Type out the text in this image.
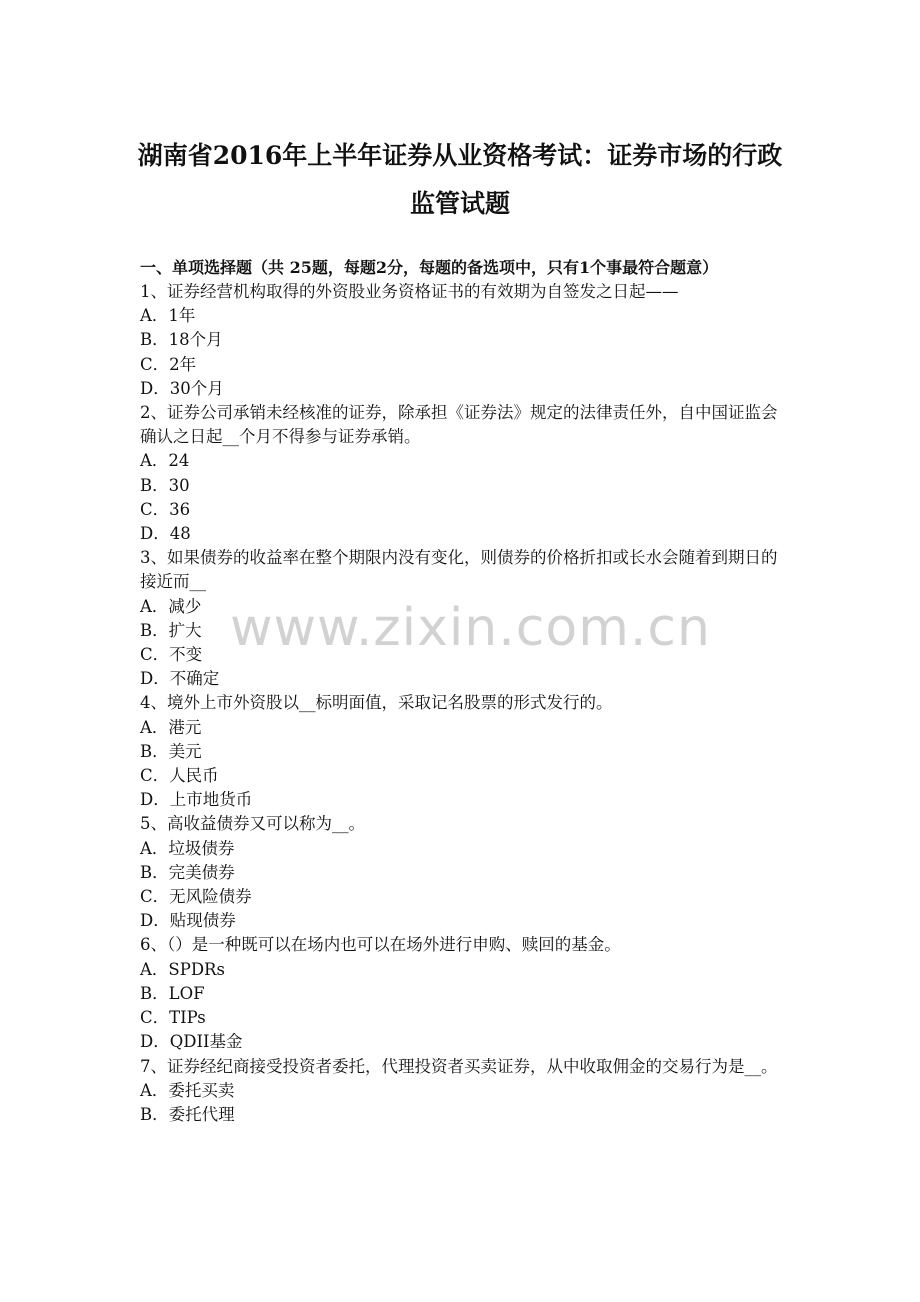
湖南省2016年上半年证券从业资格考试：证券市场的行政
监管试题

一、单项选择题（共 25题，每题2分，每题的备选项中，只有1个事最符合题意）

1、证券经营机构取得的外资股业务资格证书的有效期为自签发之日起——

A．1年

B．18个月

C．2年

D．30个月

2、证券公司承销未经核准的证券，除承担《证券法》规定的法律责任外，自中国证监会确认之日起__个月不得参与证券承销。

A．24

B．30

C．36

D．48

3、如果债券的收益率在整个期限内没有变化，则债券的价格折扣或长水会随着到期日的接近而__

A．减少

B．扩大

C．不变

D．不确定

4、境外上市外资股以__标明面值，采取记名股票的形式发行的。

A．港元

B．美元

C．人民币

D．上市地货币

5、高收益债券又可以称为__。

A．垃圾债券

B．完美债券

C．无风险债券

D．贴现债券

6、（）是一种既可以在场内也可以在场外进行申购、赎回的基金。

A．SPDRs

B．LOF

C．TIPs

D．QDII基金

7、证券经纪商接受投资者委托，代理投资者买卖证券，从中收取佣金的交易行为是__。

A．委托买卖

B．委托代理

www.zixin.com.cn
